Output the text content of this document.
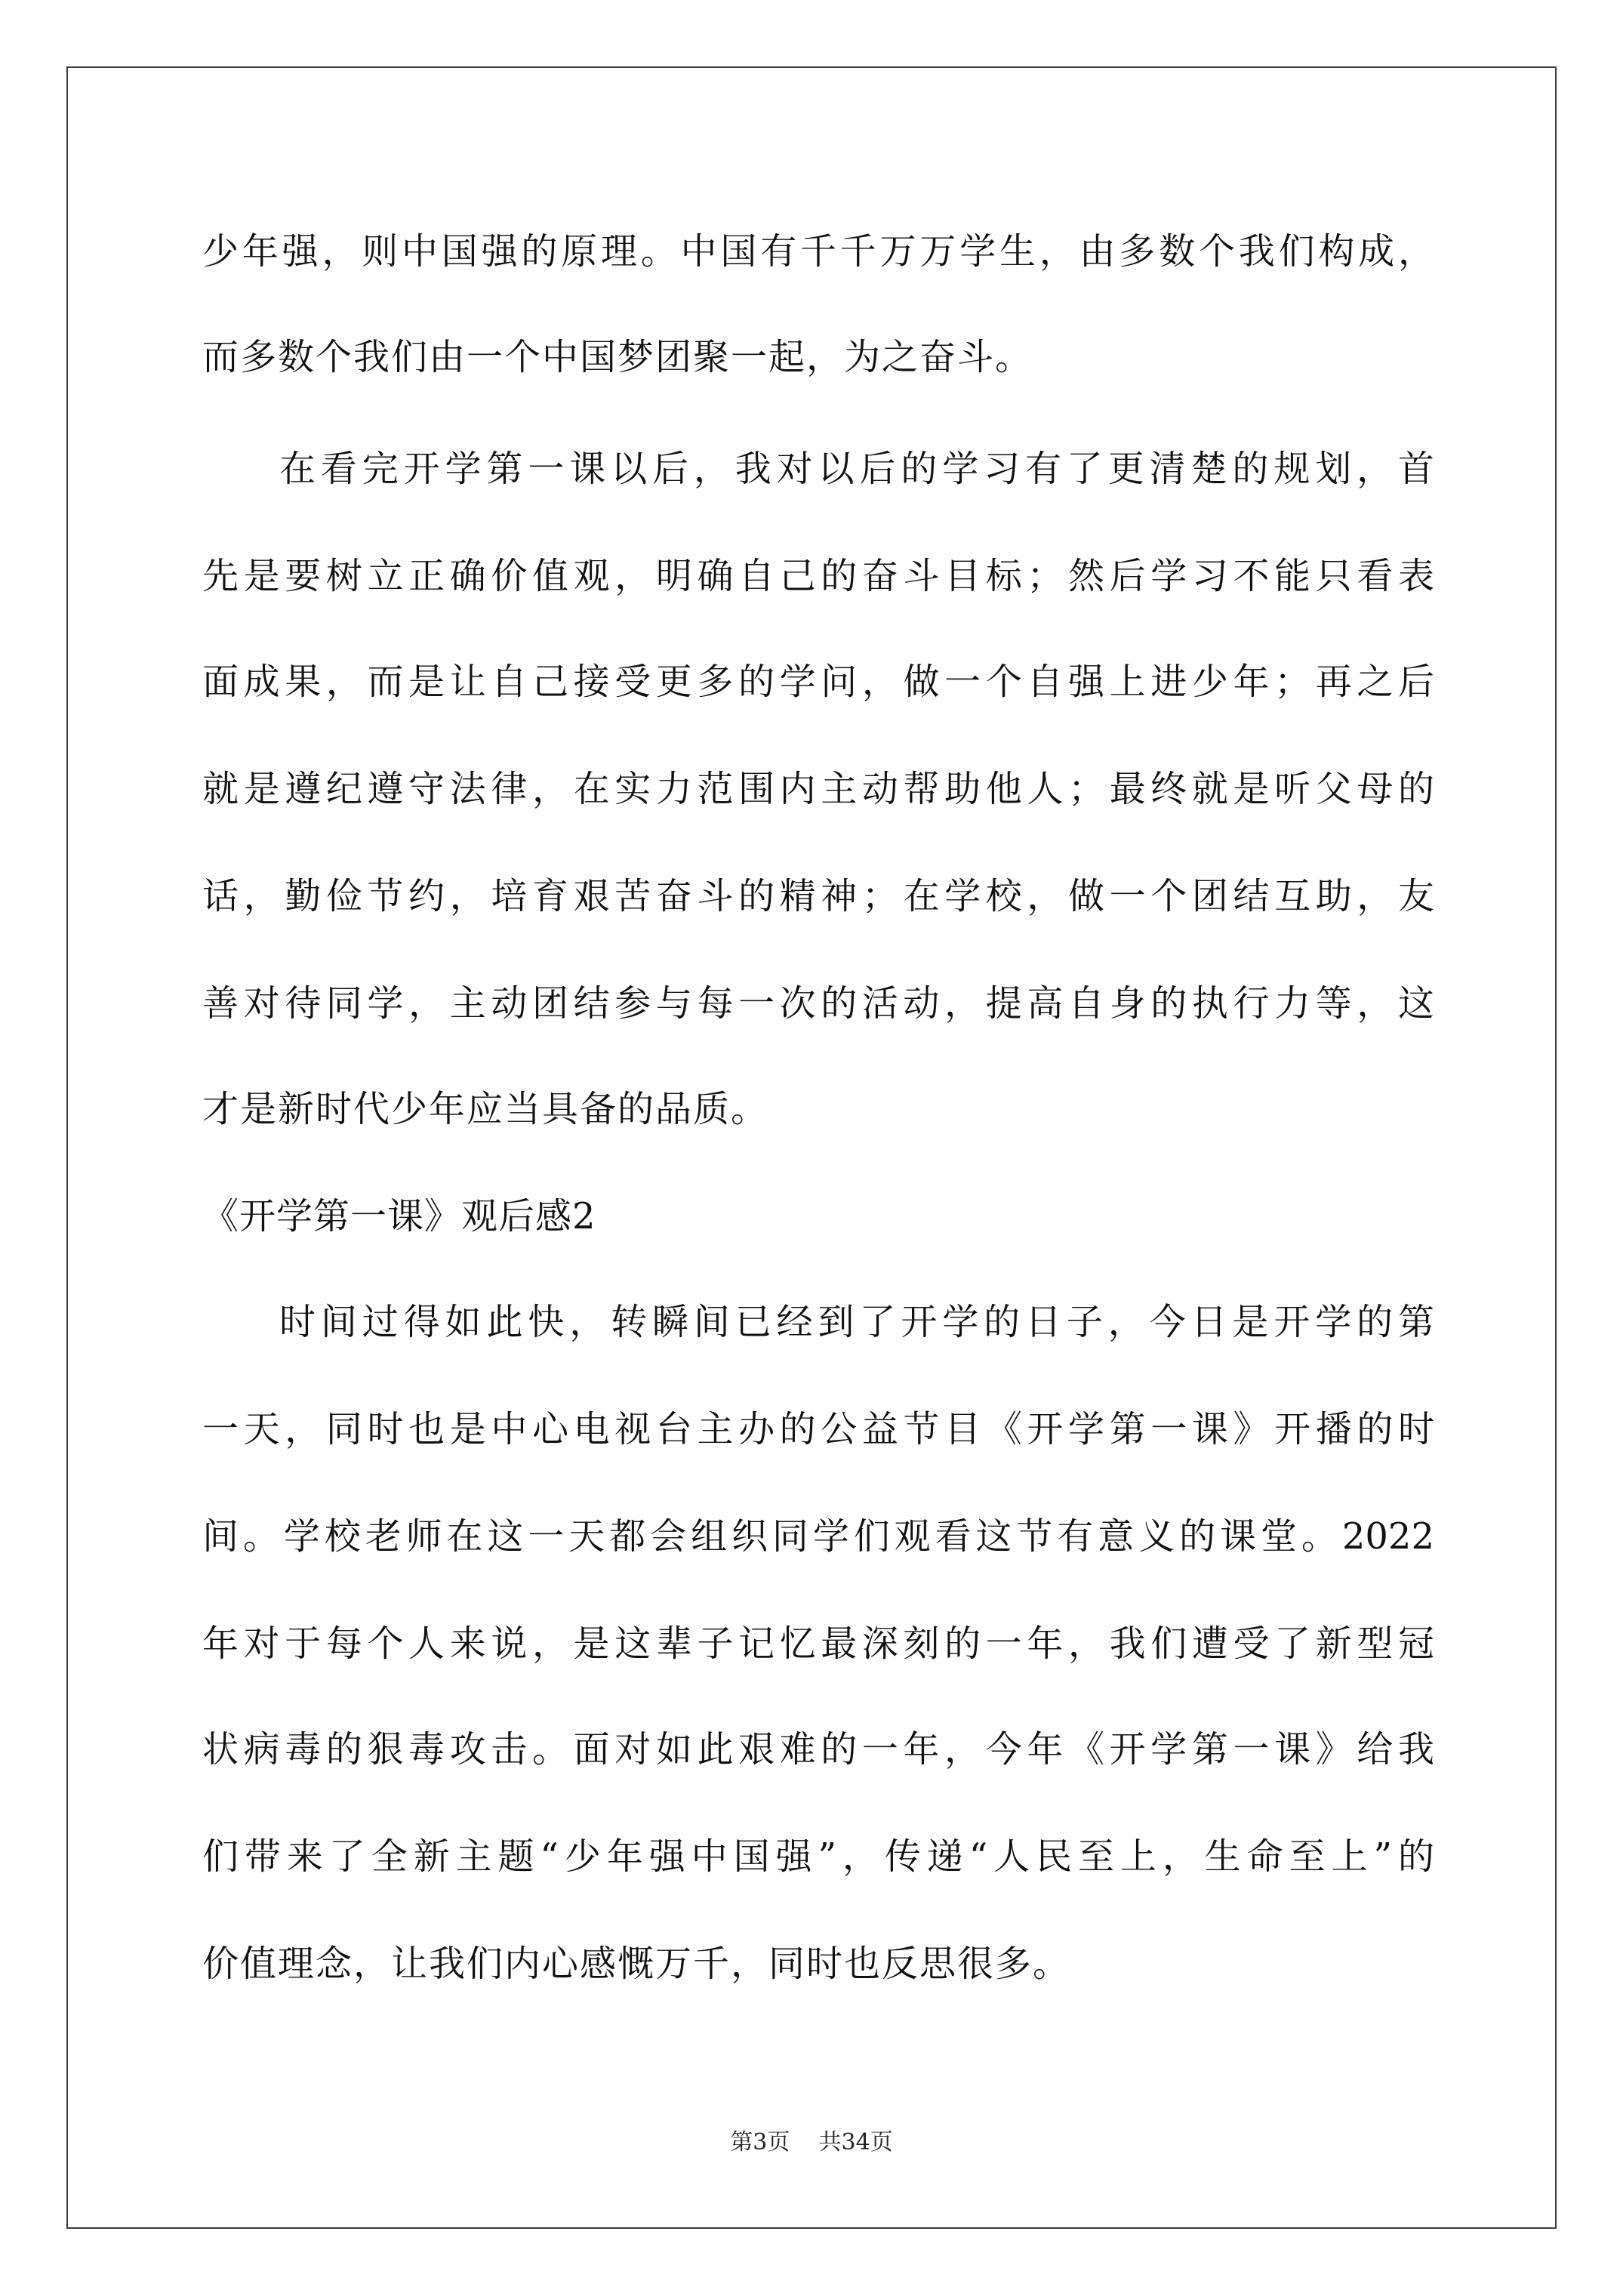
少年强，则中国强的原理。中国有千千万万学生，由多数个我们构成，

而多数个我们由一个中国梦团聚一起，为之奋斗。

在看完开学第一课以后，我对以后的学习有了更清楚的规划，首

先是要树立正确价值观，明确自己的奋斗目标；然后学习不能只看表

面成果，而是让自己接受更多的学问，做一个自强上进少年；再之后

就是遵纪遵守法律，在实力范围内主动帮助他人；最终就是听父母的

话，勤俭节约，培育艰苦奋斗的精神；在学校，做一个团结互助，友

善对待同学，主动团结参与每一次的活动，提高自身的执行力等，这

才是新时代少年应当具备的品质。

《开学第一课》观后感2

时间过得如此快，转瞬间已经到了开学的日子，今日是开学的第

一天，同时也是中心电视台主办的公益节目《开学第一课》开播的时

间。学校老师在这一天都会组织同学们观看这节有意义的课堂。2022

年对于每个人来说，是这辈子记忆最深刻的一年，我们遭受了新型冠

状病毒的狠毒攻击。面对如此艰难的一年，今年《开学第一课》给我

们带来了全新主题“少年强中国强”，传递“人民至上，生命至上”的

价值理念，让我们内心感慨万千，同时也反思很多。

第3页 共34页
